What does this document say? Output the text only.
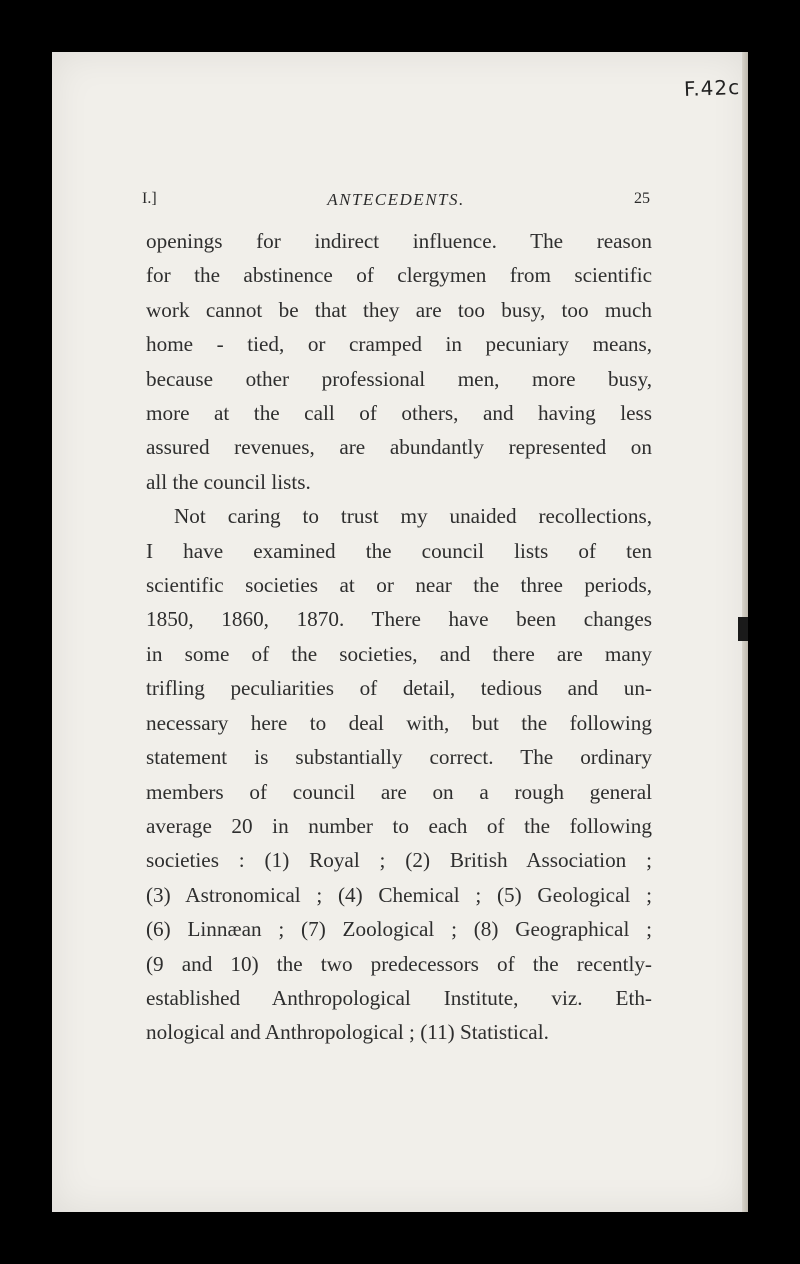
F.42c
I.]	ANTECEDENTS.	25
openings for indirect influence. The reason
for the abstinence of clergymen from scientific
work cannot be that they are too busy, too much
home - tied, or cramped in pecuniary means,
because other professional men, more busy,
more at the call of others, and having less
assured revenues, are abundantly represented on
all the council lists.
Not caring to trust my unaided recollections,
I have examined the council lists of ten
scientific societies at or near the three periods,
1850, 1860, 1870. There have been changes
in some of the societies, and there are many
trifling peculiarities of detail, tedious and un-
necessary here to deal with, but the following
statement is substantially correct. The ordinary
members of council are on a rough general
average 20 in number to each of the following
societies : (1) Royal ; (2) British Association ;
(3) Astronomical ; (4) Chemical ; (5) Geological ;
(6) Linnæan ; (7) Zoological ; (8) Geographical ;
(9 and 10) the two predecessors of the recently-
established Anthropological Institute, viz. Eth-
nological and Anthropological ; (11) Statistical.
